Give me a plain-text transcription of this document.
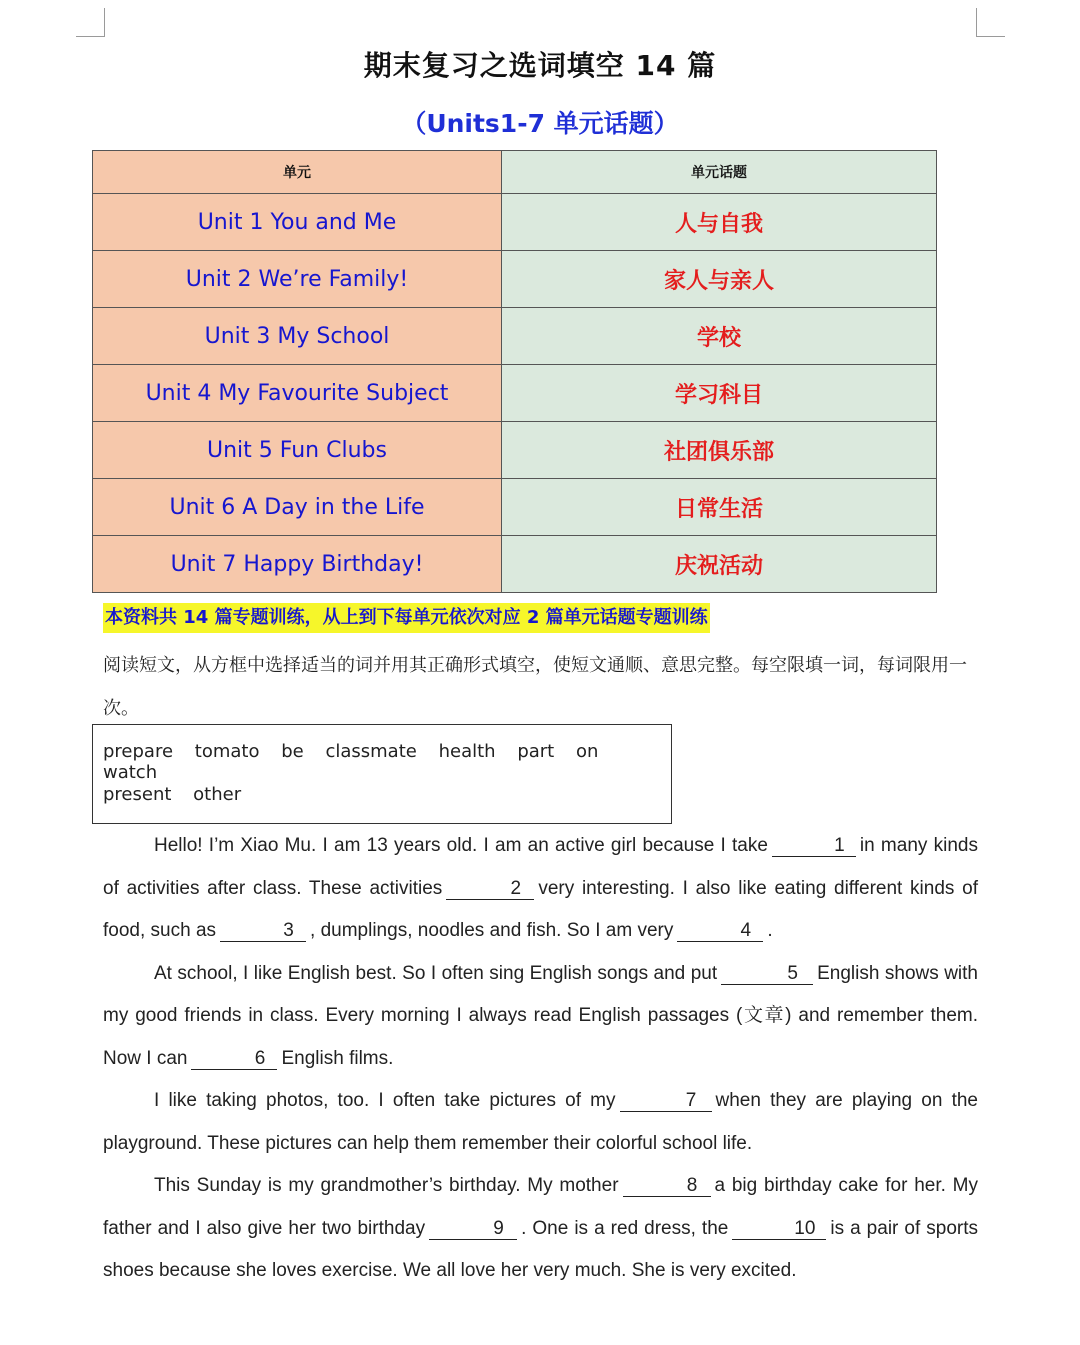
期末复习之选词填空 14 篇
（Units1-7 单元话题）
单元	单元话题
Unit 1 You and Me	人与自我
Unit 2 We’re Family!	家人与亲人
Unit 3 My School	学校
Unit 4 My Favourite Subject	学习科目
Unit 5 Fun Clubs	社团俱乐部
Unit 6 A Day in the Life	日常生活
Unit 7 Happy Birthday!	庆祝活动
本资料共 14 篇专题训练，从上到下每单元依次对应 2 篇单元话题专题训练
阅读短文，从方框中选择适当的词并用其正确形式填空，使短文通顺、意思完整。每空限填一词，每词限用一次。
prepare tomato be classmate health part on watch
present other

Hello! I’m Xiao Mu. I am 13 years old. I am an active girl because I take	1 in many kinds of activities after class. These activities	2 very interesting. I also like eating different kinds of food, such as	3 , dumplings, noodles and fish. So I am very	4 .

At school, I like English best. So I often sing English songs and put	5 English shows with my good friends in class. Every morning I always read English passages (文章) and remember them. Now I can	6 English films.

I like taking photos, too. I often take pictures of my	7 when they are playing on the playground. These pictures can help them remember their colorful school life.

This Sunday is my grandmother’s birthday. My mother	8 a big birthday cake for her. My father and I also give her two birthday	9 . One is a red dress, the	10 is a pair of sports shoes because she loves exercise. We all love her very much. She is very excited.
